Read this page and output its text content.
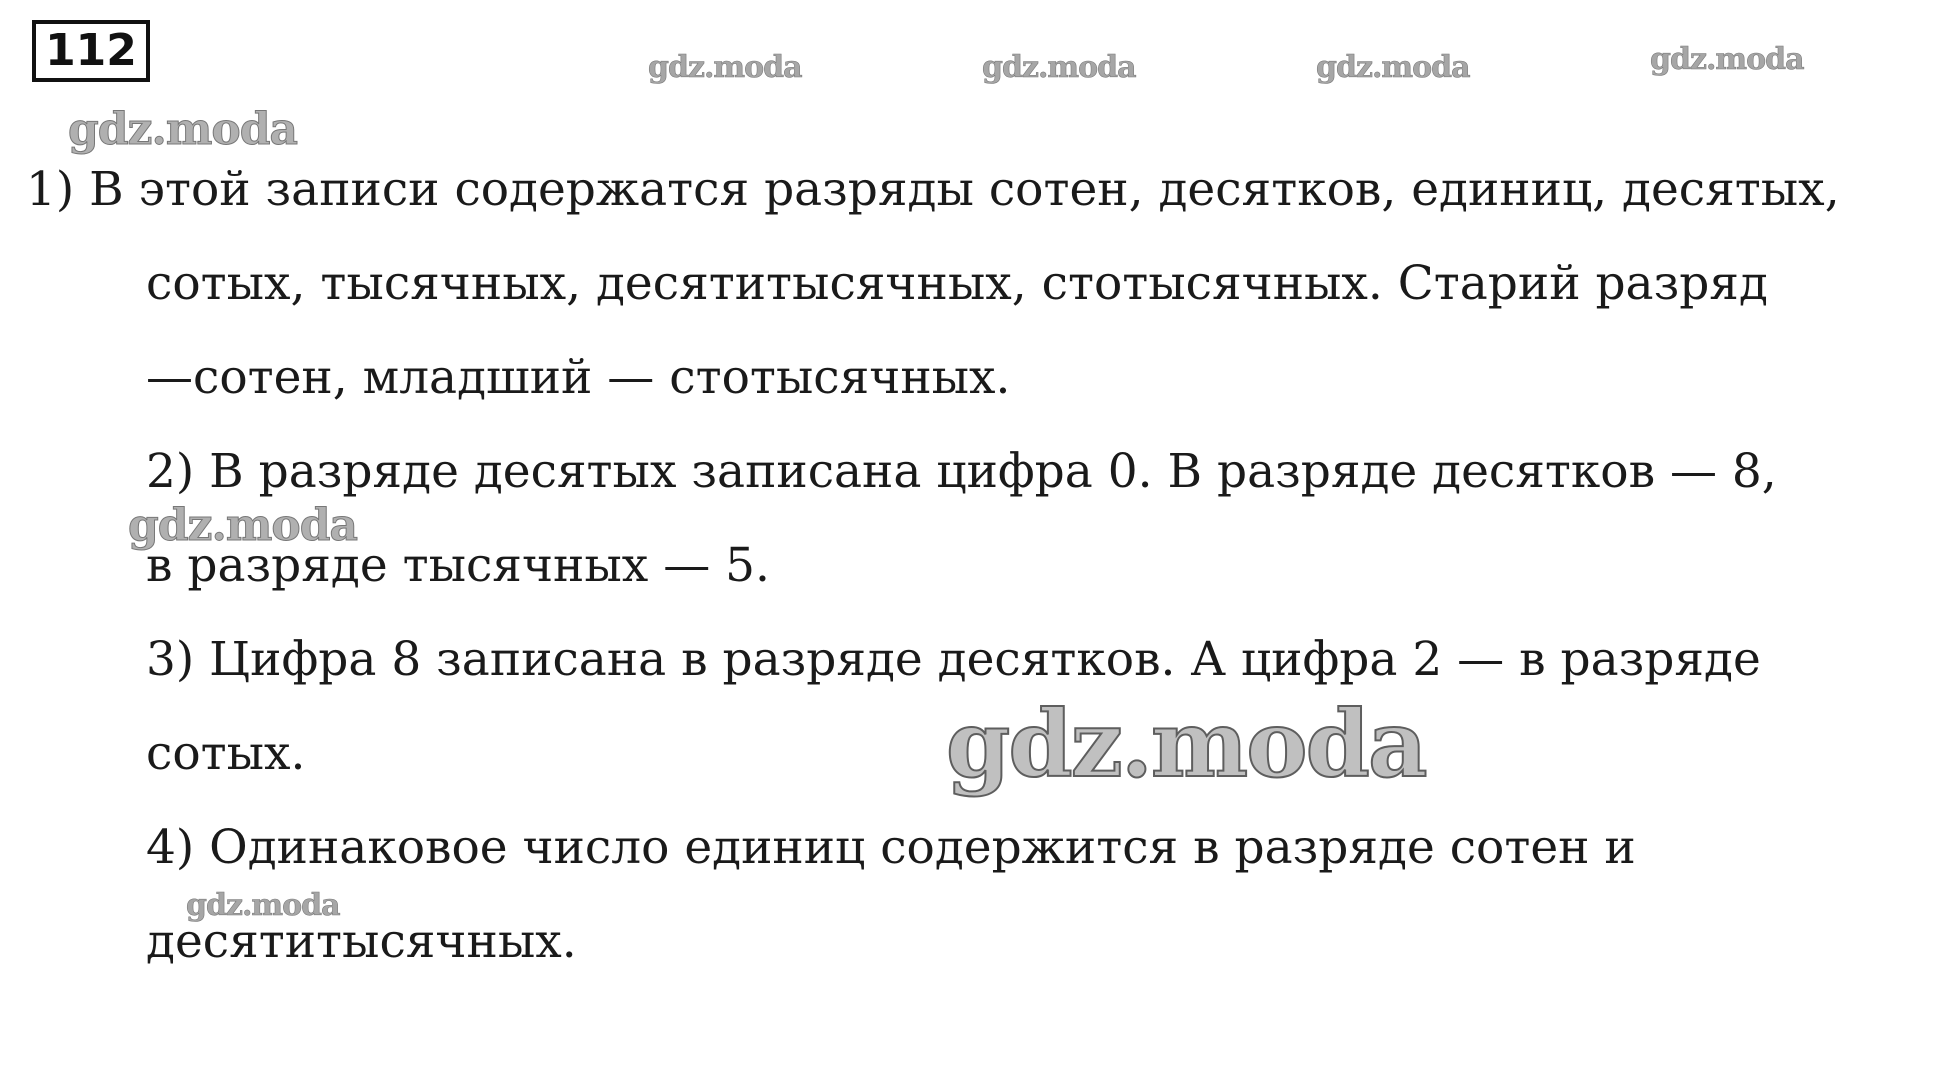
112	gdz.moda	gdz.moda	gdz.moda	gdz.moda
gdz.moda
gdz.moda
gdz.moda
gdz.moda
1) В этой записи содержатся разряды сотен, десятков, единиц, десятых,
сотых, тысячных, десятитысячных, стотысячных. Старий разряд
—сотен, младший — стотысячных.
2) В разряде десятых записана цифра 0. В разряде десятков — 8,
в разряде тысячных — 5.
3) Цифра 8 записана в разряде десятков. А цифра 2 — в разряде
сотых.
4) Одинаковое число единиц содержится в разряде сотен и
десятитысячных.
